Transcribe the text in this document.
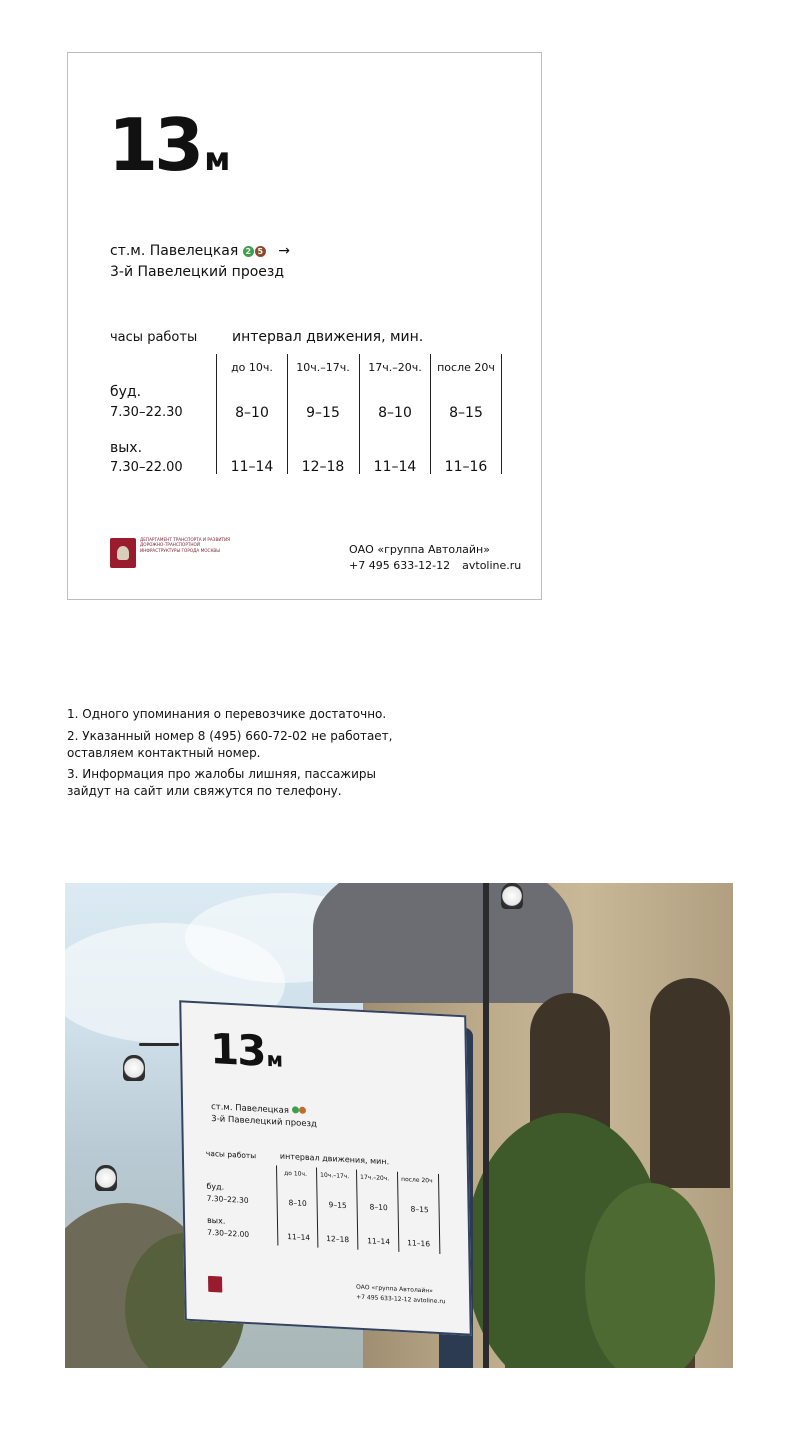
13 м
ст.м. Павелецкая 2 5 →
3-й Павелецкий проезд
часы работы интервал движения, мин.
до 10ч.	10ч.–17ч.	17ч.–20ч.	после 20ч
буд.
7.30–22.30	8–10	9–15	8–10	8–15
вых.
7.30–22.00	11–14	12–18	11–14	11–16
ДЕПАРТАМЕНТ ТРАНСПОРТА И РАЗВИТИЯ ДОРОЖНО-ТРАНСПОРТНОЙ ИНФРАСТРУКТУРЫ ГОРОДА МОСКВЫ	ОАО «группа Автолайн»
+7 495 633-12-12 avtoline.ru
1. Одного упоминания о перевозчике достаточно.
2. Указанный номер 8 (495) 660-72-02 не работает,
оставляем контактный номер.
3. Информация про жалобы лишняя, пассажиры
зайдут на сайт или свяжутся по телефону.
13м
ст.м. Павелецкая
3-й Павелецкий проезд
часы работы	интервал движения, мин.
до 10ч. 10ч.–17ч. 17ч.–20ч. после 20ч
буд.
7.30–22.30	8–10	9–15	8–10	8–15
вых.
7.30–22.00	11–14 12–18 11–14 11–16
ОАО «группа Автолайн»
+7 495 633-12-12 avtoline.ru
